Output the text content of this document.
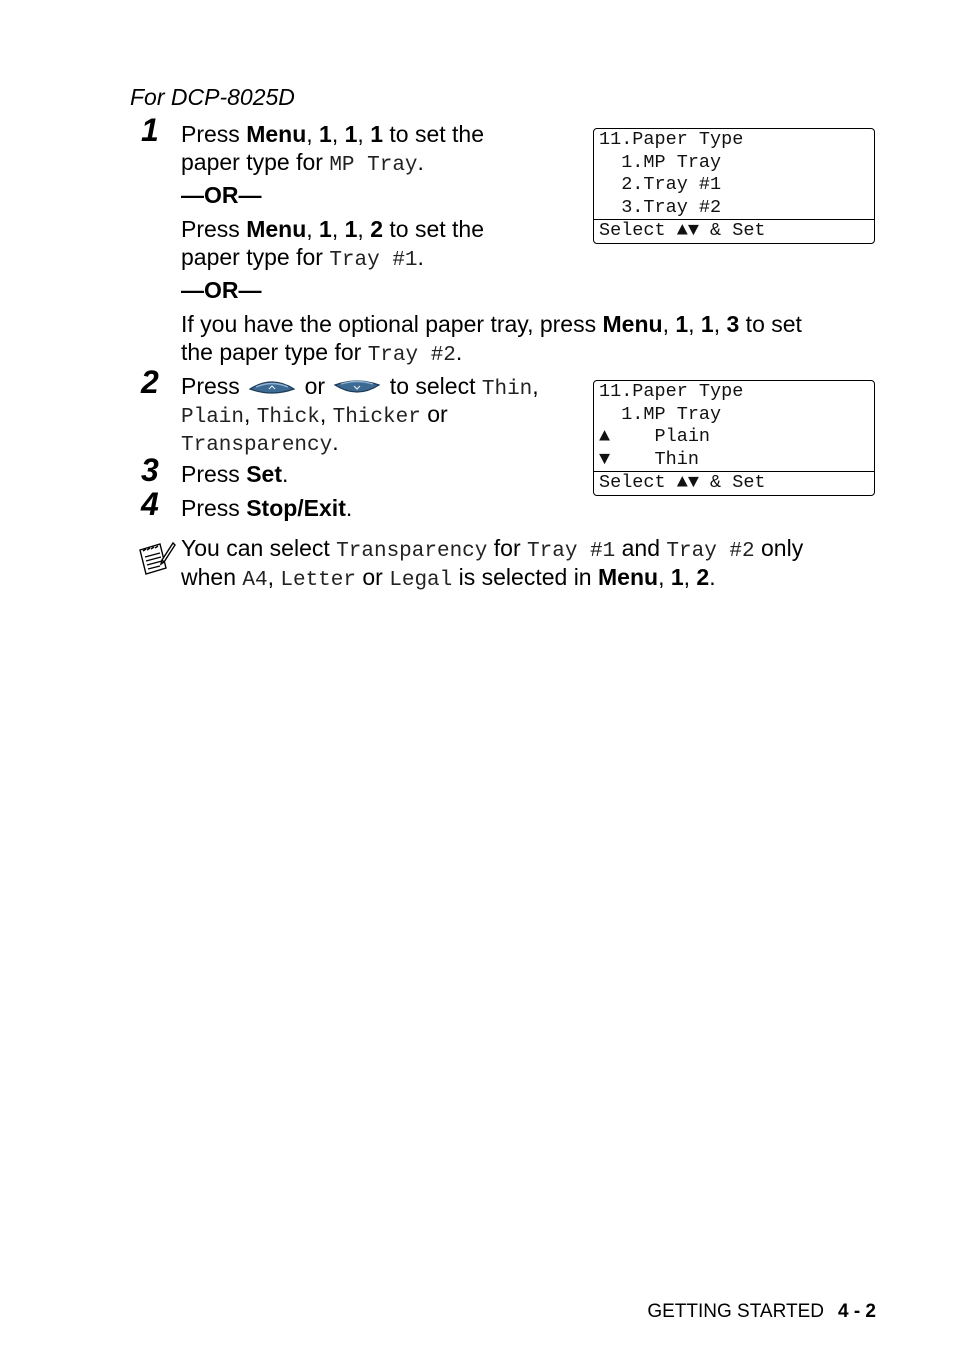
For DCP-8025D
1 Press Menu, 1, 1, 1 to set the
paper type for MP Tray.
—OR—
Press Menu, 1, 1, 2 to set the
paper type for Tray #1.
—OR—
If you have the optional paper tray, press Menu, 1, 1, 3 to set
the paper type for Tray #2.
11.Paper Type
1.MP Tray
2.Tray #1
3.Tray #2
Select ▲▼ & Set
2 Press  or  to select Thin,
Plain, Thick, Thicker or
Transparency.
11.Paper Type
1.MP Tray
▲    Plain
▼    Thin
Select ▲▼ & Set
3 Press Set.
4 Press Stop/Exit.
You can select Transparency for Tray #1 and Tray #2 only
when A4, Letter or Legal is selected in Menu, 1, 2.
GETTING STARTED 4 - 2
